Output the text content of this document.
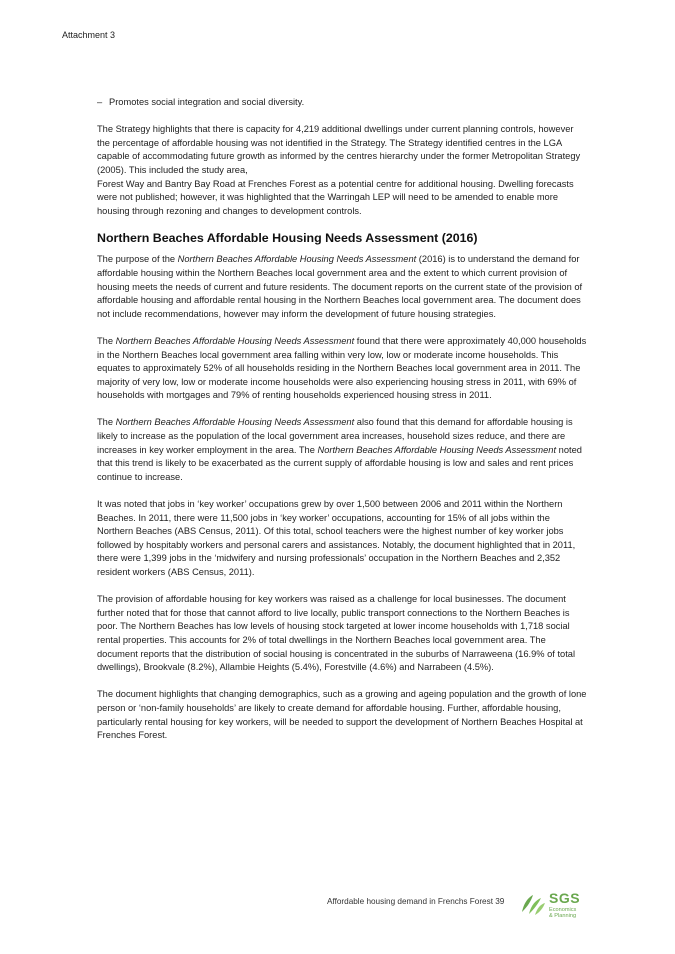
Attachment 3
– Promotes social integration and social diversity.

The Strategy highlights that there is capacity for 4,219 additional dwellings under current planning controls, however the percentage of affordable housing was not identified in the Strategy. The Strategy identified centres in the LGA capable of accommodating future growth as informed by the centres hierarchy under the former Metropolitan Strategy (2005). This included the study area,
Forest Way and Bantry Bay Road at Frenches Forest as a potential centre for additional housing. Dwelling forecasts were not published; however, it was highlighted that the Warringah LEP will need to be amended to enable more housing through rezoning and changes to development controls.

Northern Beaches Affordable Housing Needs Assessment (2016)

The purpose of the Northern Beaches Affordable Housing Needs Assessment (2016) is to understand the demand for affordable housing within the Northern Beaches local government area and the extent to which current provision of housing meets the needs of current and future residents. The document reports on the current state of the provision of affordable housing and affordable rental housing in the Northern Beaches local government area. The document does not include recommendations, however may inform the development of future housing strategies.

The Northern Beaches Affordable Housing Needs Assessment found that there were approximately 40,000 households in the Northern Beaches local government area falling within very low, low or moderate income households. This equates to approximately 52% of all households residing in the Northern Beaches local government area in 2011. The majority of very low, low or moderate income households were also experiencing housing stress in 2011, with 69% of households with mortgages and 79% of renting households experienced housing stress in 2011.

The Northern Beaches Affordable Housing Needs Assessment also found that this demand for affordable housing is likely to increase as the population of the local government area increases, household sizes reduce, and there are increases in key worker employment in the area. The Northern Beaches Affordable Housing Needs Assessment noted that this trend is likely to be exacerbated as the current supply of affordable housing is low and sales and rent prices continue to increase.

It was noted that jobs in ‘key worker’ occupations grew by over 1,500 between 2006 and 2011 within the Northern Beaches. In 2011, there were 11,500 jobs in ‘key worker’ occupations, accounting for 15% of all jobs within the Northern Beaches (ABS Census, 2011). Of this total, school teachers were the highest number of key worker jobs followed by hospitably workers and personal carers and assistances. Notably, the document highlighted that in 2011, there were 1,399 jobs in the ‘midwifery and nursing professionals’ occupation in the Northern Beaches and 2,352 resident workers (ABS Census, 2011).

The provision of affordable housing for key workers was raised as a challenge for local businesses. The document further noted that for those that cannot afford to live locally, public transport connections to the Northern Beaches is poor. The Northern Beaches has low levels of housing stock targeted at lower income households with 1,718 social rental properties. This accounts for 2% of total dwellings in the Northern Beaches local government area. The document reports that the distribution of social housing is concentrated in the suburbs of Narraweena (16.9% of total dwellings), Brookvale (8.2%), Allambie Heights (5.4%), Forestville (4.6%) and Narrabeen (4.5%).

The document highlights that changing demographics, such as a growing and ageing population and the growth of lone person or ‘non-family households’ are likely to create demand for affordable housing. Further, affordable housing, particularly rental housing for key workers, will be needed to support the development of Northern Beaches Hospital at Frenches Forest.

Affordable housing demand in Frenchs Forest 39	SGS
Economics
& Planning
